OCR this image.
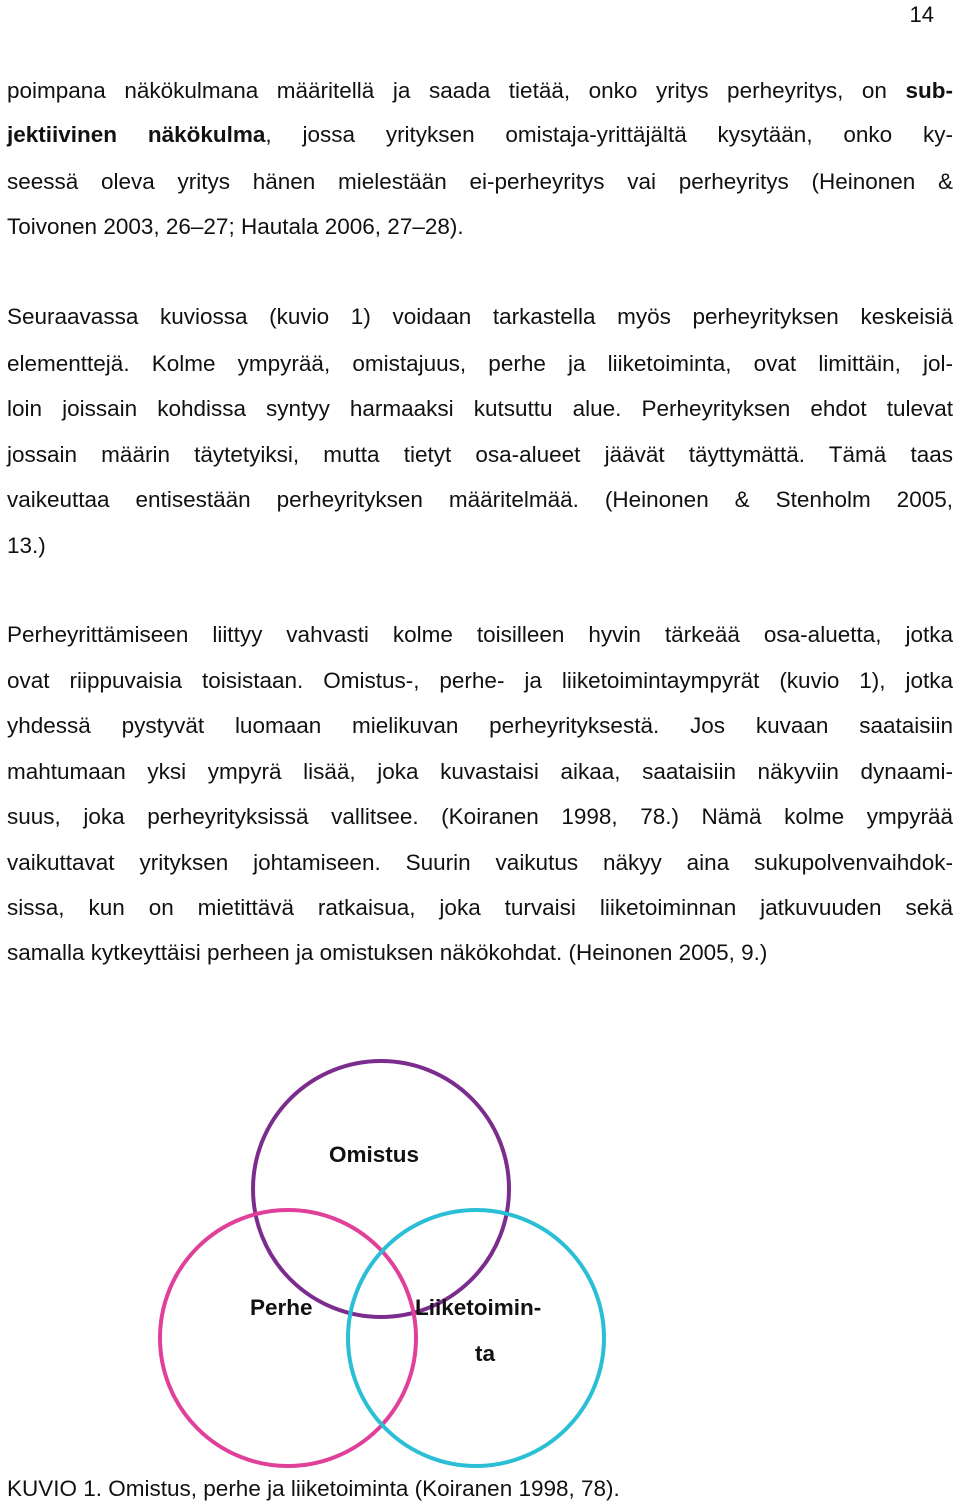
14
poimpana näkökulmana määritellä ja saada tietää, onko yritys perheyritys, on sub-
jektiivinen näkökulma, jossa yrityksen omistaja-yrittäjältä kysytään, onko ky-
seessä oleva yritys hänen mielestään ei-perheyritys vai perheyritys (Heinonen &
Toivonen 2003, 26–27; Hautala 2006, 27–28).
Seuraavassa kuviossa (kuvio 1) voidaan tarkastella myös perheyrityksen keskeisiä
elementtejä. Kolme ympyrää, omistajuus, perhe ja liiketoiminta, ovat limittäin, jol-
loin joissain kohdissa syntyy harmaaksi kutsuttu alue. Perheyrityksen ehdot tulevat
jossain määrin täytetyiksi, mutta tietyt osa-alueet jäävät täyttymättä. Tämä taas
vaikeuttaa entisestään perheyrityksen määritelmää. (Heinonen & Stenholm 2005,
13.)
Perheyrittämiseen liittyy vahvasti kolme toisilleen hyvin tärkeää osa-aluetta, jotka
ovat riippuvaisia toisistaan. Omistus-, perhe- ja liiketoimintaympyrät (kuvio 1), jotka
yhdessä pystyvät luomaan mielikuvan perheyrityksestä. Jos kuvaan saataisiin
mahtumaan yksi ympyrä lisää, joka kuvastaisi aikaa, saataisiin näkyviin dynaami-
suus, joka perheyrityksissä vallitsee. (Koiranen 1998, 78.) Nämä kolme ympyrää
vaikuttavat yrityksen johtamiseen. Suurin vaikutus näkyy aina sukupolvenvaihdok-
sissa, kun on mietittävä ratkaisua, joka turvaisi liiketoiminnan jatkuvuuden sekä
samalla kytkeyttäisi perheen ja omistuksen näkökohdat. (Heinonen 2005, 9.)
Omistus
Perhe	Liiketoimin-
ta
KUVIO 1. Omistus, perhe ja liiketoiminta (Koiranen 1998, 78).
